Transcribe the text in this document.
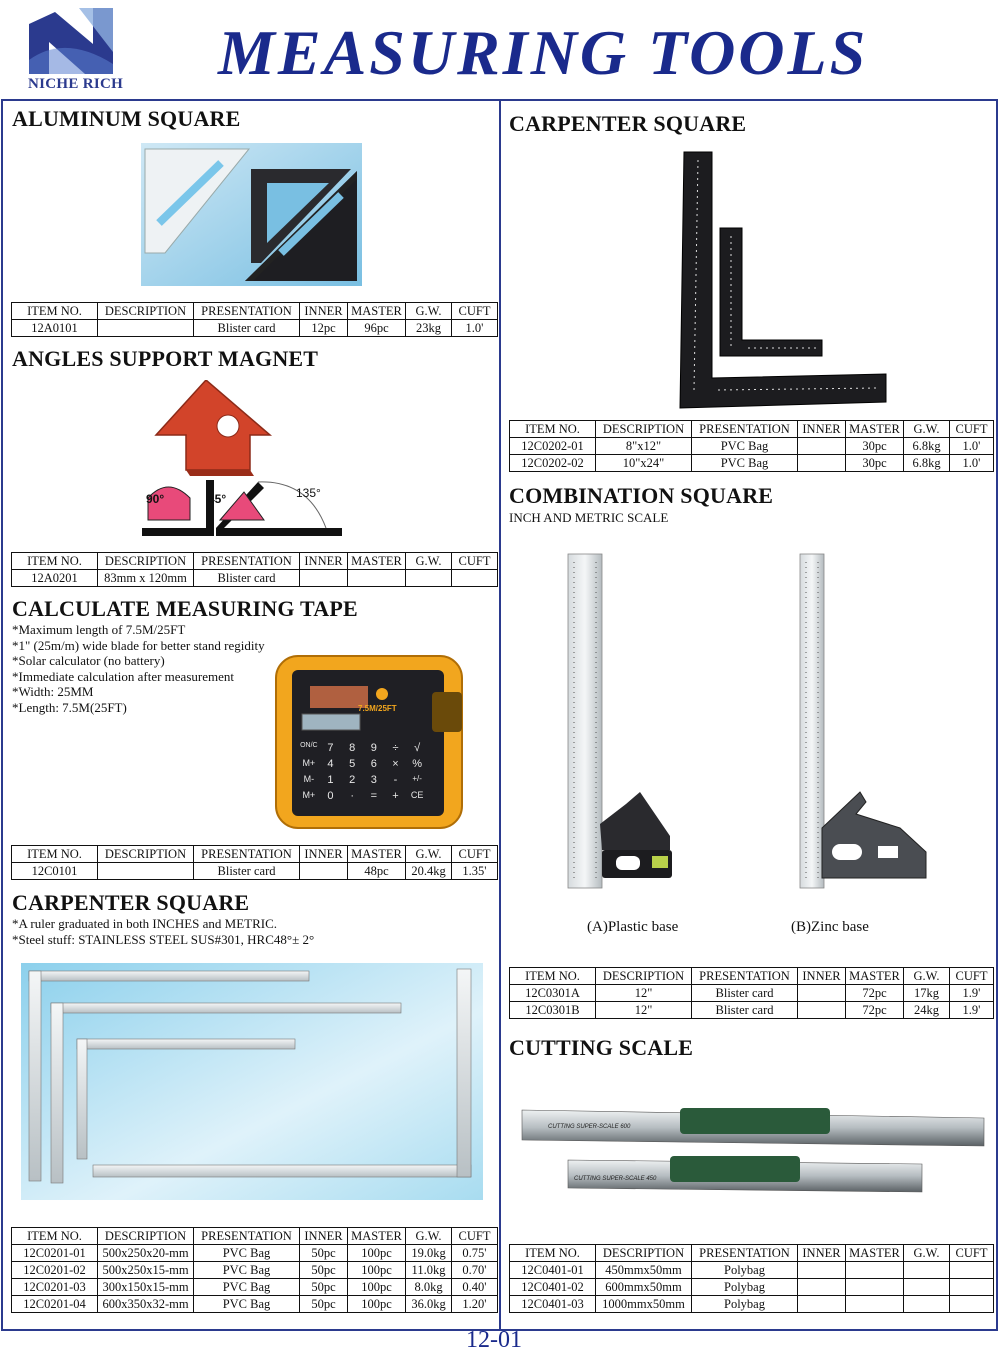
NICHE RICH MEASURING TOOLS
ALUMINUM SQUARE
ITEM NO.	DESCRIPTION	PRESENTATION	INNER	MASTER	G.W.	CUFT
12A0101		Blister card	12pc	96pc	23kg	1.0'
ANGLES SUPPORT MAGNET
90°	45°	135°
ITEM NO.	DESCRIPTION	PRESENTATION	INNER	MASTER	G.W.	CUFT
12A0201	83mm x 120mm	Blister card				
CALCULATE MEASURING TAPE
*Maximum length of 7.5M/25FT
*1" (25m/m) wide blade for better stand regidity
*Solar calculator (no battery)
*Immediate calculation after measurement
*Width: 25MM
*Length: 7.5M(25FT)	7.5M/25FT
ON/C 7	8	9	÷	√
M+	4	5	6	×	%
M-	1	2	3	-	+/-
M+	0	·	=	+	CE
ITEM NO.	DESCRIPTION	PRESENTATION	INNER	MASTER	G.W.	CUFT
12C0101		Blister card		48pc	20.4kg	1.35'
CARPENTER SQUARE
*A ruler graduated in both INCHES and METRIC.
*Steel stuff: STAINLESS STEEL SUS#301, HRC48°± 2°
ITEM NO.	DESCRIPTION	PRESENTATION	INNER	MASTER	G.W.	CUFT
12C0201-01	500x250x20-mm	PVC Bag	50pc	100pc	19.0kg	0.75'
12C0201-02	500x250x15-mm	PVC Bag	50pc	100pc	11.0kg	0.70'
12C0201-03	300x150x15-mm	PVC Bag	50pc	100pc	8.0kg	0.40'
12C0201-04	600x350x32-mm	PVC Bag	50pc	100pc	36.0kg	1.20'
CARPENTER SQUARE
ITEM NO.	DESCRIPTION	PRESENTATION	INNER	MASTER	G.W.	CUFT
12C0202-01	8"x12"	PVC Bag		30pc	6.8kg	1.0'
12C0202-02	10"x24"	PVC Bag		30pc	6.8kg	1.0'
COMBINATION SQUARE
INCH AND METRIC SCALE
(A)Plastic base	(B)Zinc base
ITEM NO.	DESCRIPTION	PRESENTATION	INNER	MASTER	G.W.	CUFT
12C0301A	12"	Blister card		72pc	17kg	1.9'
12C0301B	12"	Blister card		72pc	24kg	1.9'
CUTTING SCALE
CUTTING SUPER-SCALE 600
CUTTING SUPER-SCALE 450
ITEM NO.	DESCRIPTION	PRESENTATION	INNER	MASTER	G.W.	CUFT
12C0401-01	450mmx50mm	Polybag				
12C0401-02	600mmx50mm	Polybag				
12C0401-03	1000mmx50mm	Polybag				
12-01
